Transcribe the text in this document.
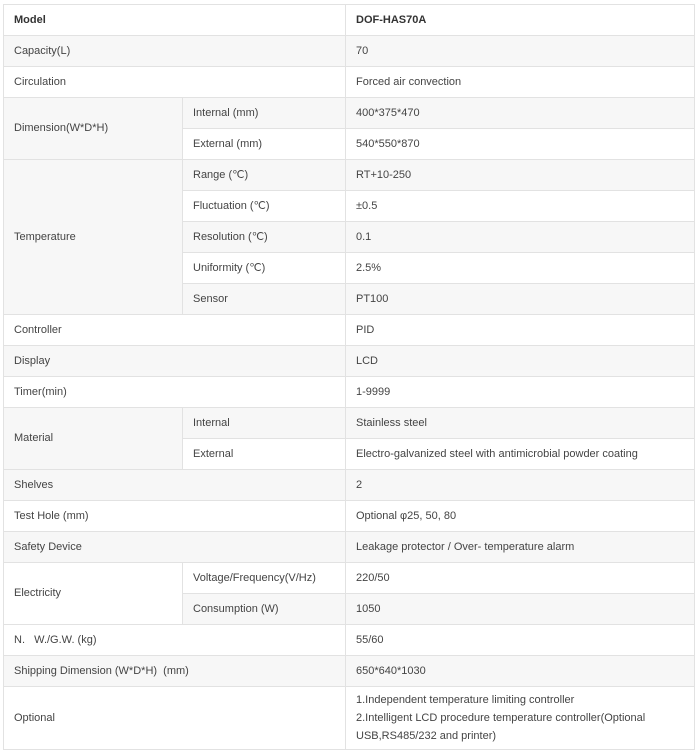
Model		DOF-HAS70A
Capacity(L)		70
Circulation		Forced air convection
Dimension(W*D*H)	Internal (mm)	400*375*470
	External (mm)	540*550*870
Temperature	Range (℃)	RT+10-250
	Fluctuation (℃)	±0.5
	Resolution (℃)	0.1
	Uniformity (℃)	2.5%
	Sensor	PT100
Controller		PID
Display		LCD
Timer(min)		1-9999
Material	Internal	Stainless steel
	External	Electro-galvanized steel with antimicrobial powder coating
Shelves		2
Test Hole (mm)		Optional φ25, 50, 80
Safety Device		Leakage protector / Over- temperature alarm
Electricity	Voltage/Frequency(V/Hz)	220/50
	Consumption (W)	1050
N.   W./G.W. (kg)		55/60
Shipping Dimension (W*D*H)  (mm)		650*640*1030
Optional		1.Independent temperature limiting controller
2.Intelligent LCD procedure temperature controller(Optional USB,RS485/232 and printer)
